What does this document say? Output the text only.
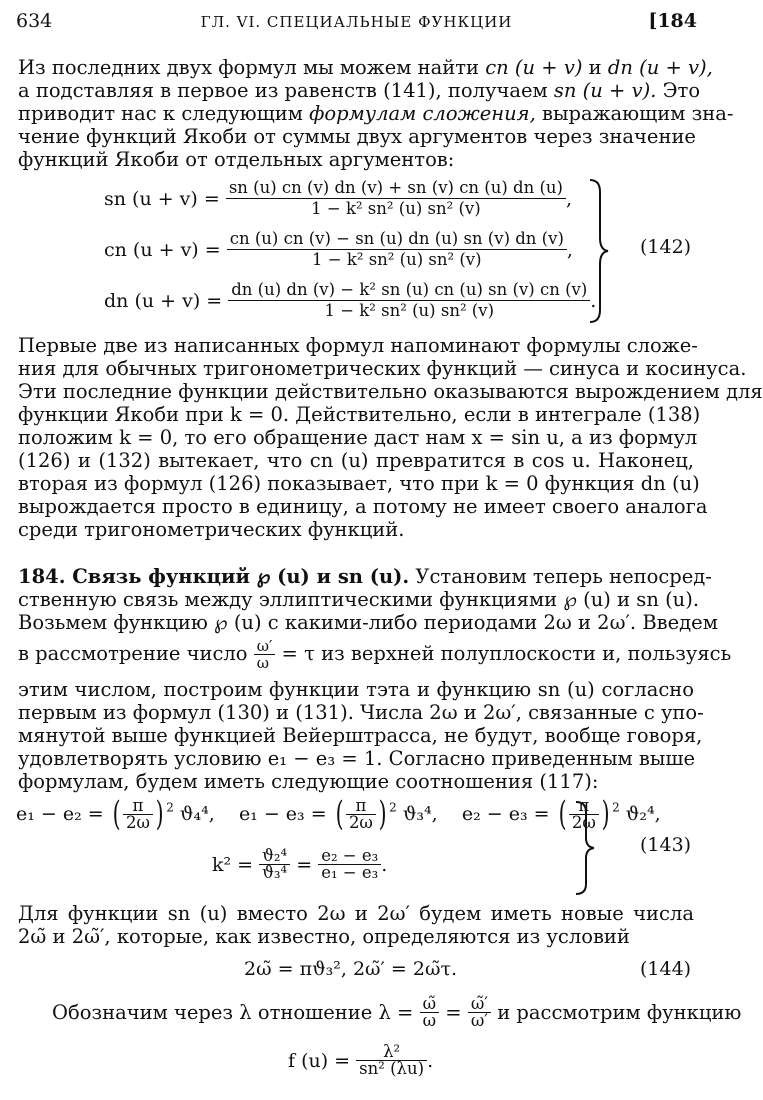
634	ГЛ. VI. СПЕЦИАЛЬНЫЕ ФУНКЦИИ	[184
Из последних двух формул мы можем найти cn (u + v) и dn (u + v),
а подставляя в первое из равенств (141), получаем sn (u + v). Это
приводит нас к следующим формулам сложения, выражающим зна-
чение функций Якоби от суммы двух аргументов через значение
функций Якоби от отдельных аргументов:
sn $(u + v) = \frac{sn (u) cn (v) dn (v) + sn (v) cn (u) dn (u)}{\text{1 − k² sn² (u) sn² (v)}}$ ,
cn $(u + v) = \frac{cn (u) cn (v) - sn (u) dn (u) sn (v) dn (v)}{\text{1 − k² sn² (u) sn² (v)}}$ ,
dn $(u + v) = \frac{\text{dn (u) dn (v) − k² sn (u) cn (u) sn (v) cn (v)}}{\text{1 − k² sn² (u) sn² (v)}}$ .
(142)
Первые две из написанных формул напоминают формулы сложе-
ния для обычных тригонометрических функций — синуса и косинуса.
Эти последние функции действительно оказываются вырождением для
функции Якоби при k = 0. Действительно, если в интеграле (138)
положим k = 0, то его обращение даст нам x = sin u, а из формул
(126) и (132) вытекает, что cn (u) превратится в cos u. Наконец,
вторая из формул (126) показывает, что при k = 0 функция dn (u)
вырождается просто в единицу, а потому не имеет своего аналога
среди тригонометрических функций.
184. Связь функций ℘ (u) и sn (u). Установим теперь непосред-
ственную связь между эллиптическими функциями ℘ (u) и sn (u).
Возьмем функцию ℘ (u) с какими-либо периодами 2ω и 2ω′. Введем
в рассмотрение число $\frac{\omega'}{\omega} = \tau$ из верхней полуплоскости и, пользуясь
этим числом, построим функции тэта и функцию sn (u) согласно
первым из формул (130) и (131). Числа 2ω и 2ω′, связанные с упо-
мянутой выше функцией Вейерштрасса, не будут, вообще говоря,
удовлетворять условию e₁ − e₃ = 1. Согласно приведенным выше
формулам, будем иметь следующие соотношения (117):
e₁ − e₂ = ( $\frac{\pi}{2\omega}$ ) $^2$ ϑ₄⁴, e₁ − e₃ = ( $\frac{\pi}{2\omega}$ ) $^2$ ϑ₃⁴, e₂ − e₃ = ( $\frac{\pi}{2\omega}$ ) $^2$ ϑ₂⁴,
$k^2 = \frac{\text{ϑ₂⁴}}{\text{ϑ₃⁴}} = \frac{\text{e₂ − e₃}}{\text{e₁ − e₃}}$ .
(143)
Для функции sn (u) вместо 2ω и 2ω′ будем иметь новые числа
2ω̃ и 2ω̃′, которые, как известно, определяются из условий
2ω̃ = πϑ₃², 2ω̃′ = 2ω̃τ.	(144)
Обозначим через λ отношение $\lambda = \frac{\omegã}{\omega} = \frac{\omegã'}{\omega'}$ и рассмотрим функцию
f $(u) = \frac{\text{λ²}}{\text{sn² (λu)}}$ .
